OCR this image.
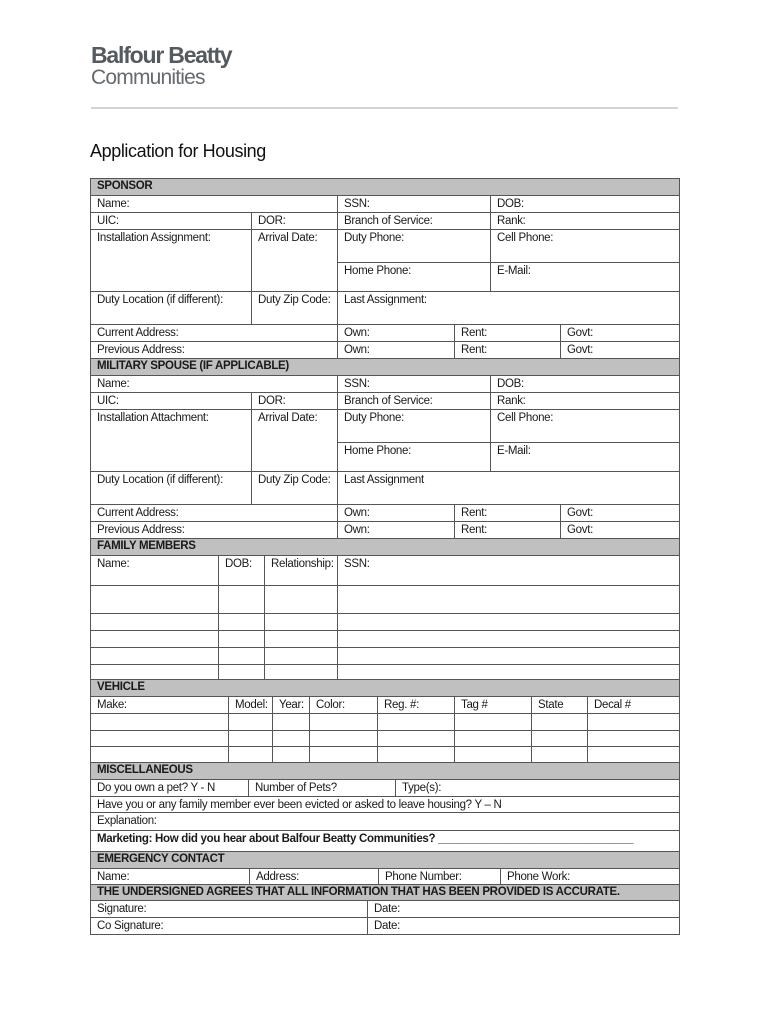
Balfour Beatty
Communities
Application for Housing
SPONSOR
Name:	SSN:	DOB:
UIC:	DOR:	Branch of Service:	Rank:
Installation Assignment:	Arrival Date:	Duty Phone:	Cell Phone:
Home Phone:	E-Mail:
Duty Location (if different):	Duty Zip Code:	Last Assignment:
Current Address:	Own:	Rent:	Govt:
Previous Address:	Own:	Rent:	Govt:
MILITARY SPOUSE (IF APPLICABLE)
Name:	SSN:	DOB:
UIC:	DOR:	Branch of Service:	Rank:
Installation Attachment:	Arrival Date:	Duty Phone:	Cell Phone:
Home Phone:	E-Mail:
Duty Location (if different):	Duty Zip Code:	Last Assignment
Current Address:	Own:	Rent:	Govt:
Previous Address:	Own:	Rent:	Govt:
FAMILY MEMBERS
Name:	DOB:	Relationship: SSN:
VEHICLE
Make:	Model: Year:	Color:	Reg. #:	Tag #	State	Decal #
MISCELLANEOUS
Do you own a pet? Y - N	Number of Pets?	Type(s):
Have you or any family member ever been evicted or asked to leave housing? Y – N
Explanation:
Marketing: How did you hear about Balfour Beatty Communities? ________________________________
EMERGENCY CONTACT
Name:	Address:	Phone Number:	Phone Work:
THE UNDERSIGNED AGREES THAT ALL INFORMATION THAT HAS BEEN PROVIDED IS ACCURATE.
Signature:	Date:
Co Signature:	Date:
